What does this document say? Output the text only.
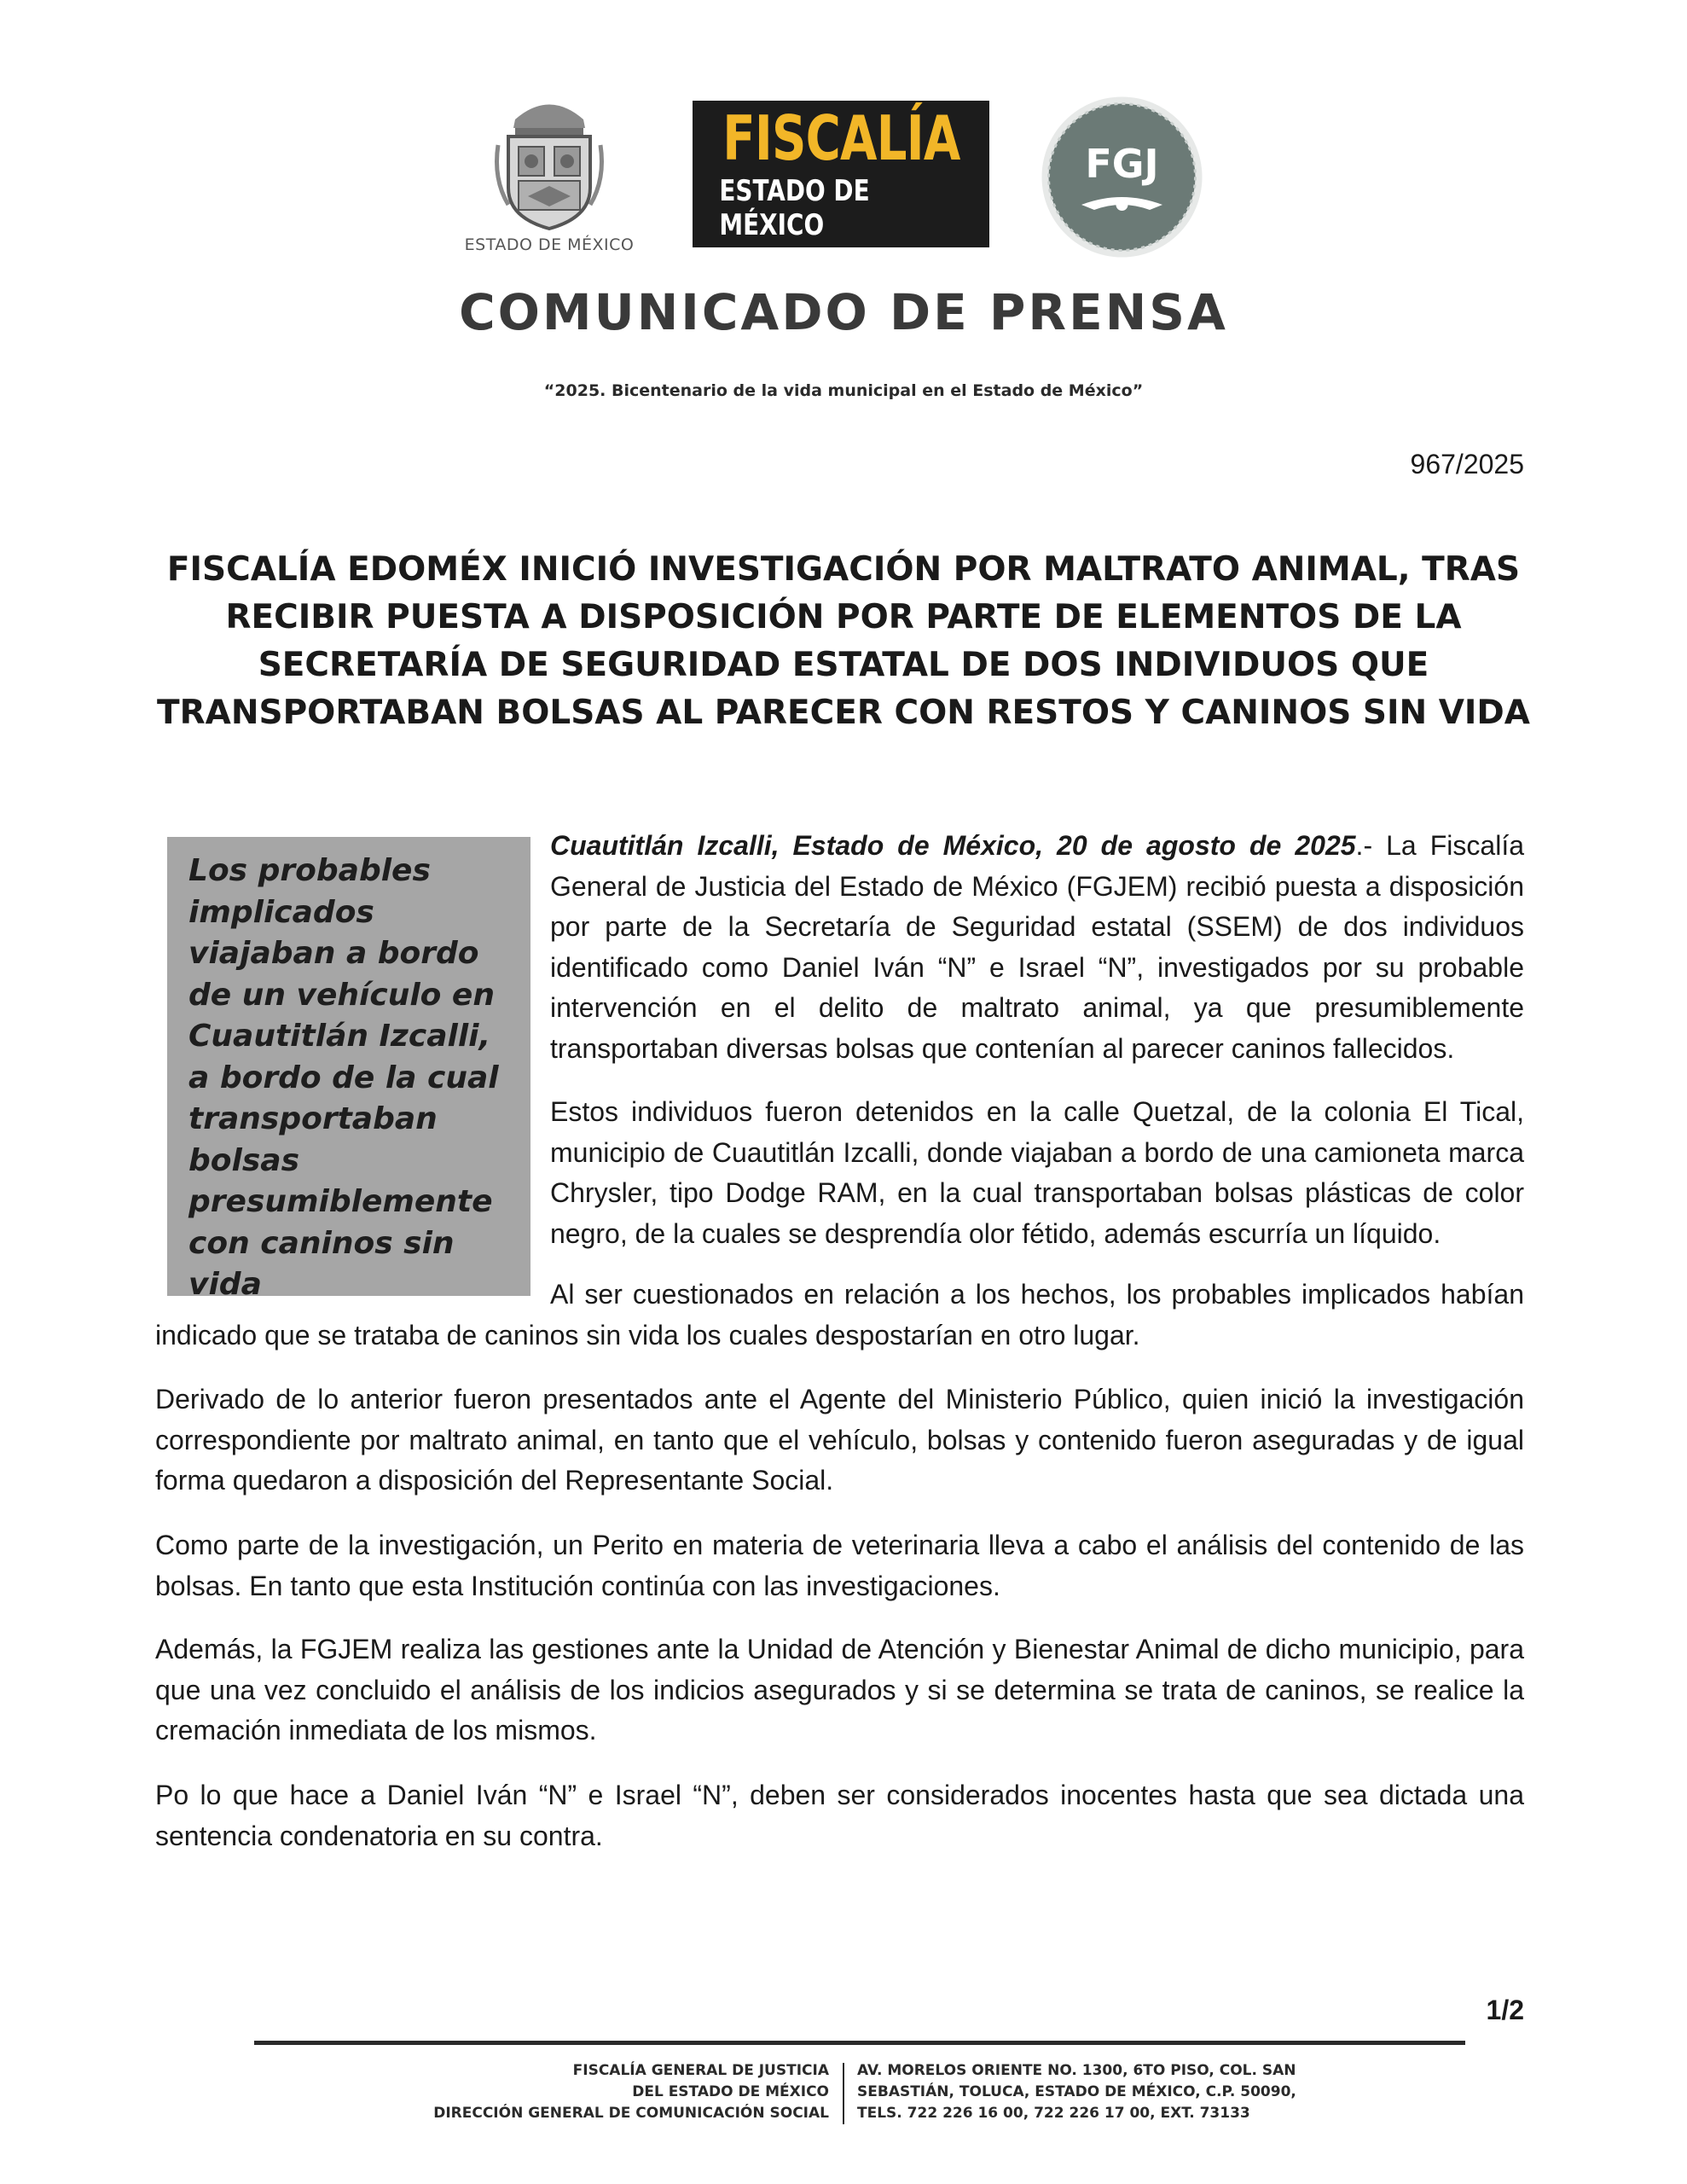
ESTADO DE MÉXICO
FISCALÍA
ESTADO DE MÉXICO
FGJ
COMUNICADO DE PRENSA
“2025. Bicentenario de la vida municipal en el Estado de México”
967/2025
FISCALÍA EDOMÉX INICIÓ INVESTIGACIÓN POR MALTRATO ANIMAL, TRAS RECIBIR PUESTA A DISPOSICIÓN POR PARTE DE ELEMENTOS DE LA SECRETARÍA DE SEGURIDAD ESTATAL DE DOS INDIVIDUOS QUE TRANSPORTABAN BOLSAS AL PARECER CON RESTOS Y CANINOS SIN VIDA

Los probables implicados viajaban a bordo de un vehículo en Cuautitlán Izcalli, a bordo de la cual transportaban bolsas presumiblemente con caninos sin vida

Cuautitlán Izcalli, Estado de México, 20 de agosto de 2025.- La Fiscalía General de Justicia del Estado de México (FGJEM) recibió puesta a disposición por parte de la Secretaría de Seguridad estatal (SSEM) de dos individuos identificado como Daniel Iván “N” e Israel “N”, investigados por su probable intervención en el delito de maltrato animal, ya que presumiblemente transportaban diversas bolsas que contenían al parecer caninos fallecidos.

Estos individuos fueron detenidos en la calle Quetzal, de la colonia El Tical, municipio de Cuautitlán Izcalli, donde viajaban a bordo de una camioneta marca Chrysler, tipo Dodge RAM, en la cual transportaban bolsas plásticas de color negro, de la cuales se desprendía olor fétido, además escurría un líquido.

Al ser cuestionados en relación a los hechos, los probables implicados habían indicado que se trataba de caninos sin vida los cuales despostarían en otro lugar.

Derivado de lo anterior fueron presentados ante el Agente del Ministerio Público, quien inició la investigación correspondiente por maltrato animal, en tanto que el vehículo, bolsas y contenido fueron aseguradas y de igual forma quedaron a disposición del Representante Social.

Como parte de la investigación, un Perito en materia de veterinaria lleva a cabo el análisis del contenido de las bolsas. En tanto que esta Institución continúa con las investigaciones.

Además, la FGJEM realiza las gestiones ante la Unidad de Atención y Bienestar Animal de dicho municipio, para que una vez concluido el análisis de los indicios asegurados y si se determina se trata de caninos, se realice la cremación inmediata de los mismos.

Po lo que hace a Daniel Iván “N” e Israel “N”, deben ser considerados inocentes hasta que sea dictada una sentencia condenatoria en su contra.

1/2
FISCALÍA GENERAL DE JUSTICIA
DEL ESTADO DE MÉXICO
DIRECCIÓN GENERAL DE COMUNICACIÓN SOCIAL
AV. MORELOS ORIENTE NO. 1300, 6TO PISO, COL. SAN
SEBASTIÁN, TOLUCA, ESTADO DE MÉXICO, C.P. 50090,
TELS. 722 226 16 00, 722 226 17 00, EXT. 73133
